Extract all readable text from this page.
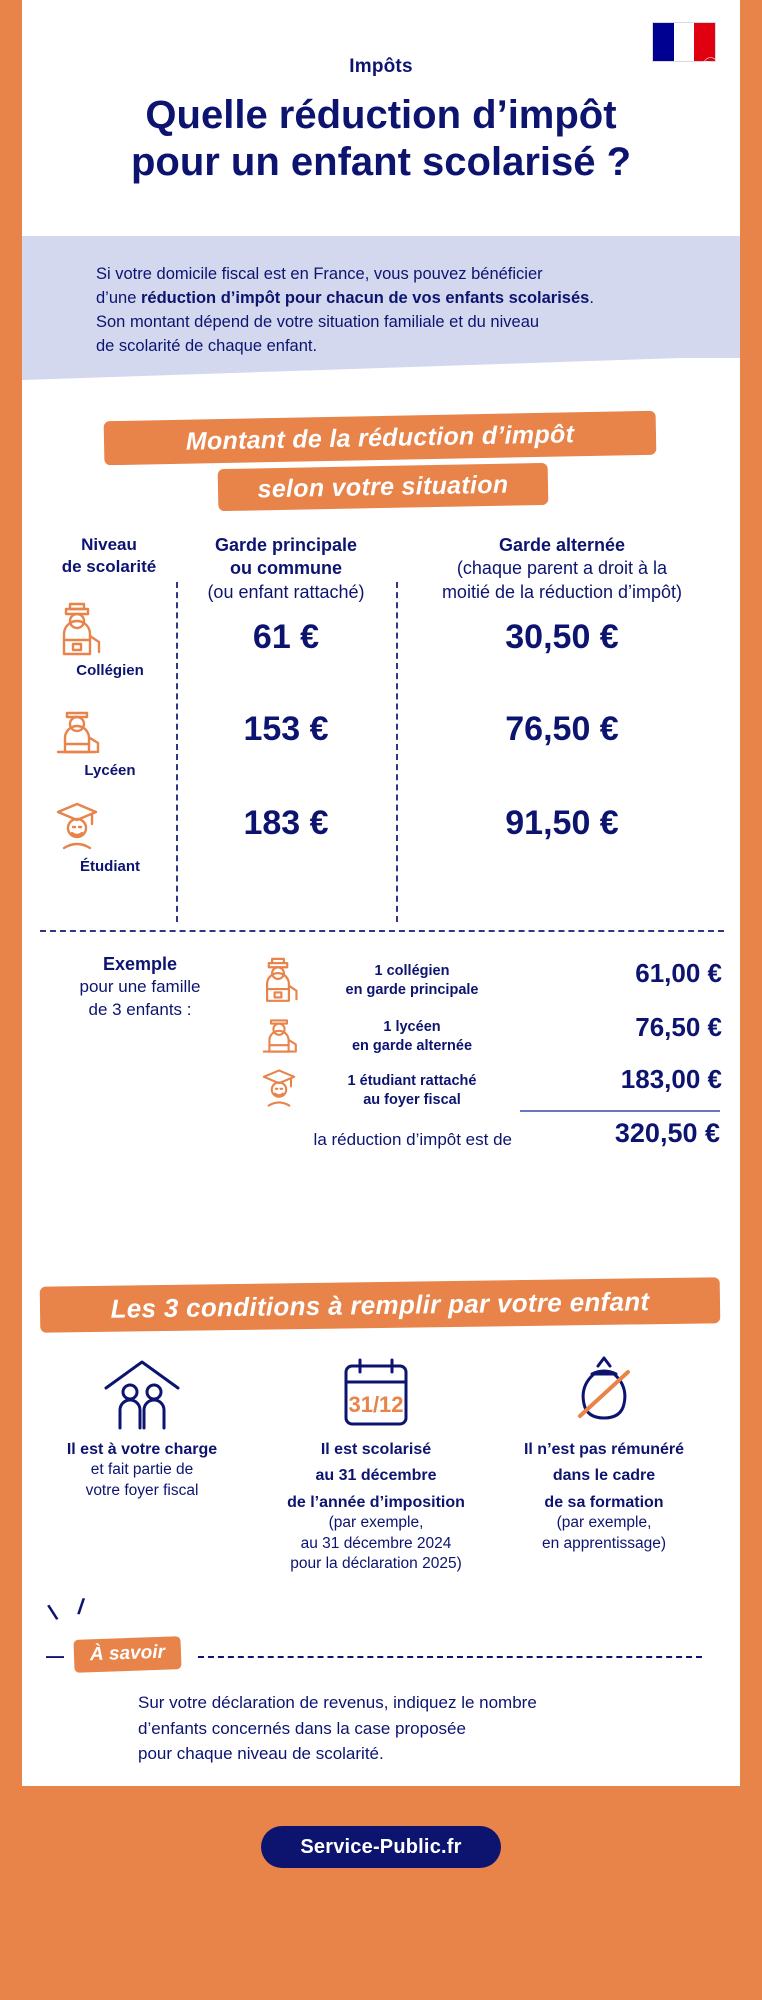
☯
Impôts
Quelle réduction d’impôt
pour un enfant scolarisé ?
Si votre domicile fiscal est en France, vous pouvez bénéficier
d’une réduction d’impôt pour chacun de vos enfants scolarisés.
Son montant dépend de votre situation familiale et du niveau
de scolarité de chaque enfant.
Montant de la réduction d’impôt
selon votre situation
Niveau
de scolarité
Garde principale
ou commune
(ou enfant rattaché)
Garde alternée
(chaque parent a droit à la
moitié de la réduction d’impôt)
Collégien
61 €	30,50 €
Lycéen
153 €	76,50 €
Étudiant
183 €	91,50 €
Exemple
pour une famille
de 3 enfants :
1 collégien
en garde principale
61,00 €
1 lycéen
en garde alternée
76,50 €
1 étudiant rattaché
au foyer fiscal
183,00 €
la réduction d’impôt est de	320,50 €
Les 3 conditions à remplir par votre enfant
Il est à votre charge
et fait partie de
votre foyer fiscal
31/12
Il est scolarisé
au 31 décembre
de l’année d’imposition
(par exemple,
au 31 décembre 2024
pour la déclaration 2025)
Il n’est pas rémunéré
dans le cadre
de sa formation
(par exemple,
en apprentissage)
\ /
—	À savoir
Sur votre déclaration de revenus, indiquez le nombre
d’enfants concernés dans la case proposée
pour chaque niveau de scolarité.
Service-Public.fr
